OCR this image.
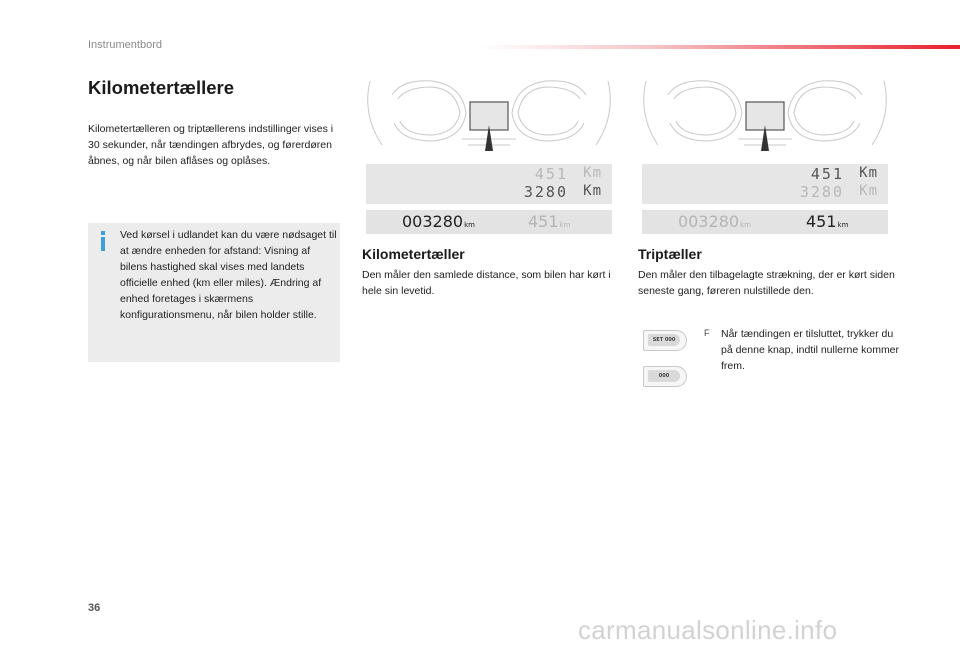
Instrumentbord
Kilometertællere
Kilometertælleren og triptællerens indstillinger vises i 30 sekunder, når tændingen afbrydes, og førerdøren åbnes, og når bilen aflåses og oplåses.
Ved kørsel i udlandet kan du være nødsaget til at ændre enheden for afstand: Visning af bilens hastighed skal vises med landets officielle enhed (km eller miles). Ændring af enhed foretages i skærmens konfigurationsmenu, når bilen holder stille.
451 Km
3280 Km
451 Km
3280 Km
003280km	451km	003280km	451km
Kilometertæller
Den måler den samlede distance, som bilen har kørt i hele sin levetid.
Triptæller
Den måler den tilbagelagte strækning, der er kørt siden seneste gang, føreren nulstillede den.
SET 000
000
F Når tændingen er tilsluttet, trykker du på denne knap, indtil nullerne kommer frem.
36
carmanualsonline.info
